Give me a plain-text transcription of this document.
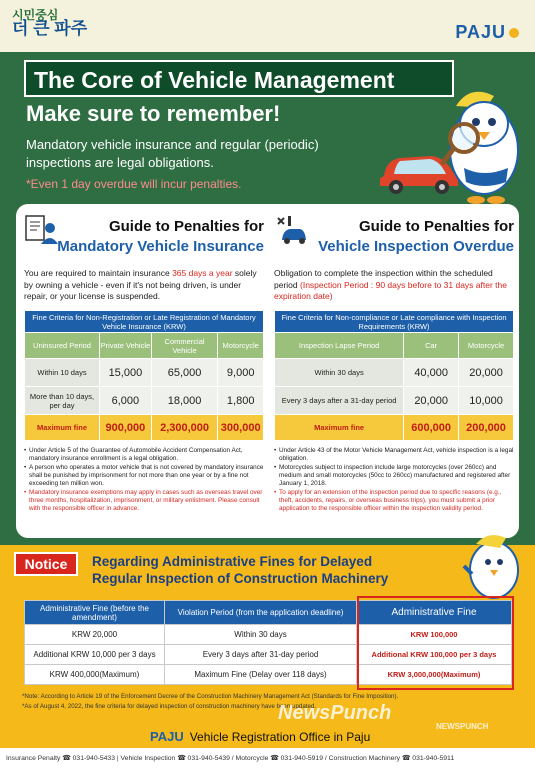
시민중심
더 큰 파주	PAJU
The Core of Vehicle Management
Make sure to remember!
Mandatory vehicle insurance and regular (periodic) inspections are legal obligations.
*Even 1 day overdue will incur penalties.
Guide to Penalties for
Mandatory Vehicle Insurance
You are required to maintain insurance 365 days a year solely by owning a vehicle - even if it's not being driven, is under repair, or your license is suspended.
Fine Criteria for Non-Registration or Late Registration of Mandatory Vehicle Insurance (KRW)			
Uninsured Period	Private Vehicle	Commercial Vehicle	Motorcycle
Within 10 days	15,000	65,000	9,000
More than 10 days, per day	6,000	18,000	1,800
Maximum fine	900,000	2,300,000	300,000
• Under Article 5 of the Guarantee of Automobile Accident Compensation Act, mandatory insurance enrollment is a legal obligation.
• A person who operates a motor vehicle that is not covered by mandatory insurance shall be punished by imprisonment for not more than one year or by a fine not exceeding ten million won.
• Mandatory insurance exemptions may apply in cases such as overseas travel over three months, hospitalization, imprisonment, or military enlistment. Please consult with the responsible officer in advance.
Guide to Penalties for
Vehicle Inspection Overdue
Obligation to complete the inspection within the scheduled period (Inspection Period : 90 days before to 31 days after the expiration date)
Fine Criteria for Non-compliance or Late compliance with Inspection Requirements (KRW)		
Inspection Lapse Period	Car	Motorcycle
Within 30 days	40,000	20,000
Every 3 days after a 31-day period	20,000	10,000
Maximum fine	600,000	200,000
• Under Article 43 of the Motor Vehicle Management Act, vehicle inspection is a legal obligation.
• Motorcycles subject to inspection include large motorcycles (over 260cc) and medium and small motorcycles (50cc to 260cc) manufactured and registered after January 1, 2018.
• To apply for an extension of the inspection period due to specific reasons (e.g., theft, accidents, repairs, or overseas business trips), you must submit a prior application to the responsible officer within the inspection validity period.
Notice	Regarding Administrative Fines for Delayed
Regular Inspection of Construction Machinery
Administrative Fine (before the amendment)	Violation Period (from the application deadline)	Administrative Fine
KRW 20,000	Within 30 days	KRW 100,000
Additional KRW 10,000 per 3 days	Every 3 days after 31-day period	Additional KRW 100,000 per 3 days
KRW 400,000(Maximum)	Maximum Fine (Delay over 118 days)	KRW 3,000,000(Maximum)
*Note: According to Article 19 of the Enforcement Decree of the Construction Machinery Management Act (Standards for Fine Imposition).
*As of August 4, 2022, the fine criteria for delayed inspection of construction machinery have been updated.
NewsPunch
NEWSPUNCH
PAJU Vehicle Registration Office in Paju
Insurance Penalty ☎ 031-940-5433 | Vehicle Inspection ☎ 031-940-5439 / Motorcycle ☎ 031-940-5919 / Construction Machinery ☎ 031-940-5911
